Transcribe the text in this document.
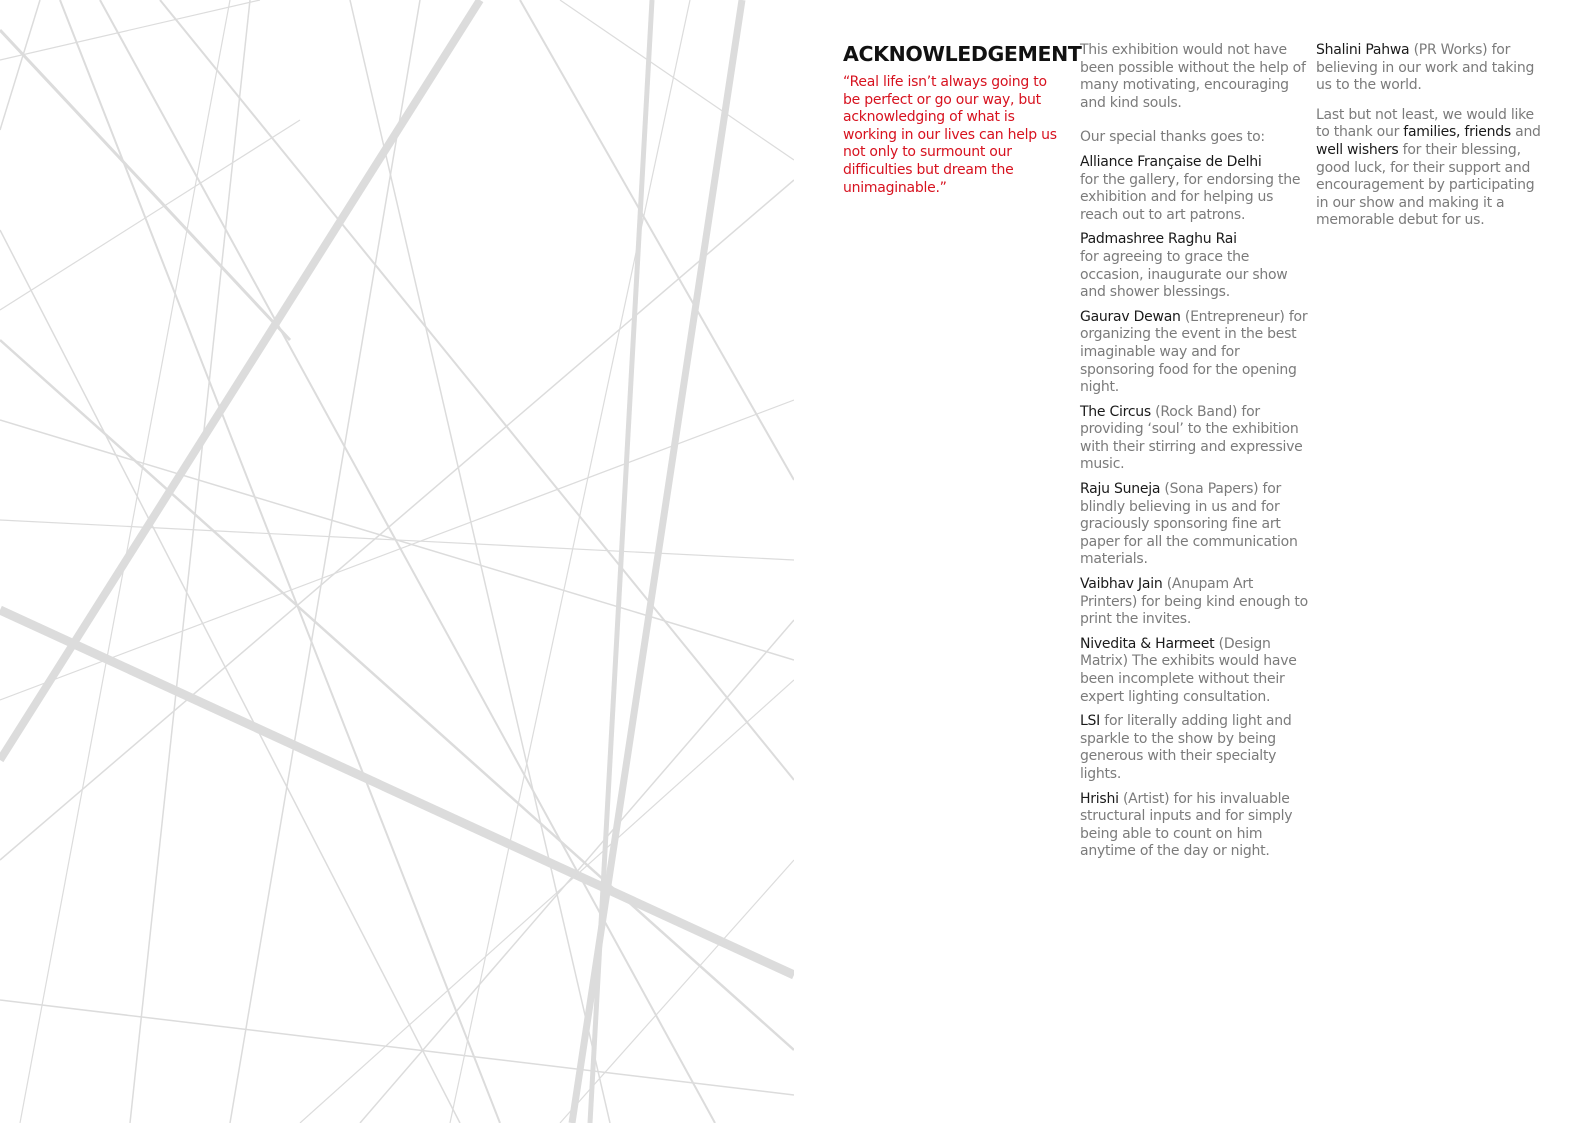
ACKNOWLEDGEMENT

“Real life isn’t always going to be perfect or go our way, but acknowledging of what is working in our lives can help us not only to surmount our difficulties but dream the unimaginable.”

This exhibition would not have been possible without the help of many motivating, encouraging and kind souls.

Our special thanks goes to:

Alliance Française de Delhi
for the gallery, for endorsing the exhibition and for helping us reach out to art patrons.

Padmashree Raghu Rai
for agreeing to grace the occasion, inaugurate our show and shower blessings.

Gaurav Dewan (Entrepreneur) for organizing the event in the best imaginable way and for sponsoring food for the opening night.

The Circus (Rock Band) for providing ‘soul’ to the exhibition with their stirring and expressive music.

Raju Suneja (Sona Papers) for blindly believing in us and for graciously sponsoring fine art paper for all the communication materials.

Vaibhav Jain (Anupam Art Printers) for being kind enough to print the invites.

Nivedita & Harmeet (Design Matrix) The exhibits would have been incomplete without their expert lighting consultation.

LSI for literally adding light and sparkle to the show by being generous with their specialty lights.

Hrishi (Artist) for his invaluable structural inputs and for simply being able to count on him anytime of the day or night.

Shalini Pahwa (PR Works) for believing in our work and taking us to the world.

Last but not least, we would like to thank our families, friends and well wishers for their blessing, good luck, for their support and encouragement by participating in our show and making it a memorable debut for us.
